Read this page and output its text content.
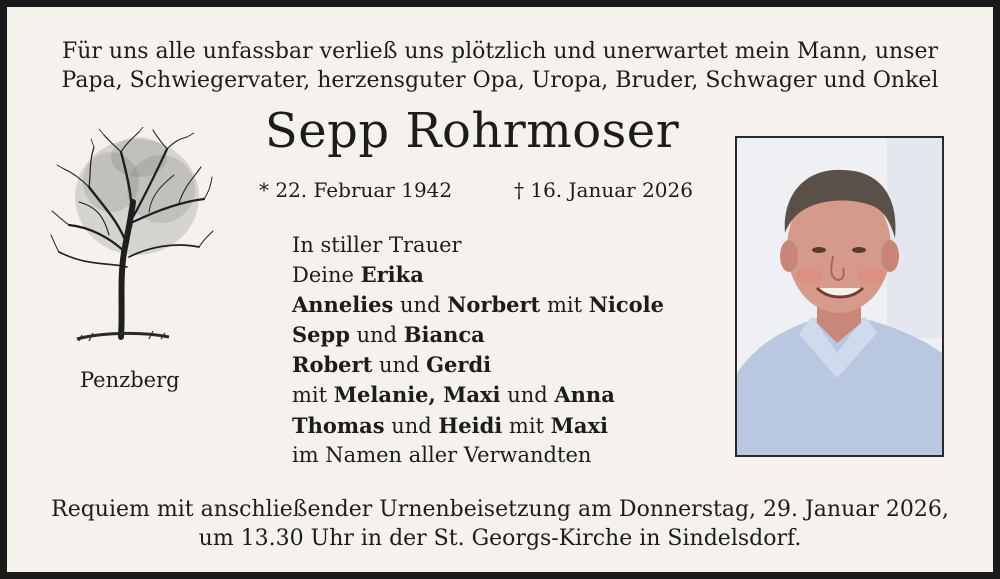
Für uns alle unfassbar verließ uns plötzlich und unerwartet mein Mann, unser
Papa, Schwiegervater, herzensguter Opa, Uropa, Bruder, Schwager und Onkel
Sepp Rohrmoser
* 22. Februar 1942	† 16. Januar 2026
Penzberg
In stiller Trauer
Deine Erika
Annelies und Norbert mit Nicole
Sepp und Bianca
Robert und Gerdi
mit Melanie, Maxi und Anna
Thomas und Heidi mit Maxi
im Namen aller Verwandten
Requiem mit anschließender Urnenbeisetzung am Donnerstag, 29. Januar 2026,
um 13.30 Uhr in der St. Georgs-Kirche in Sindelsdorf.
